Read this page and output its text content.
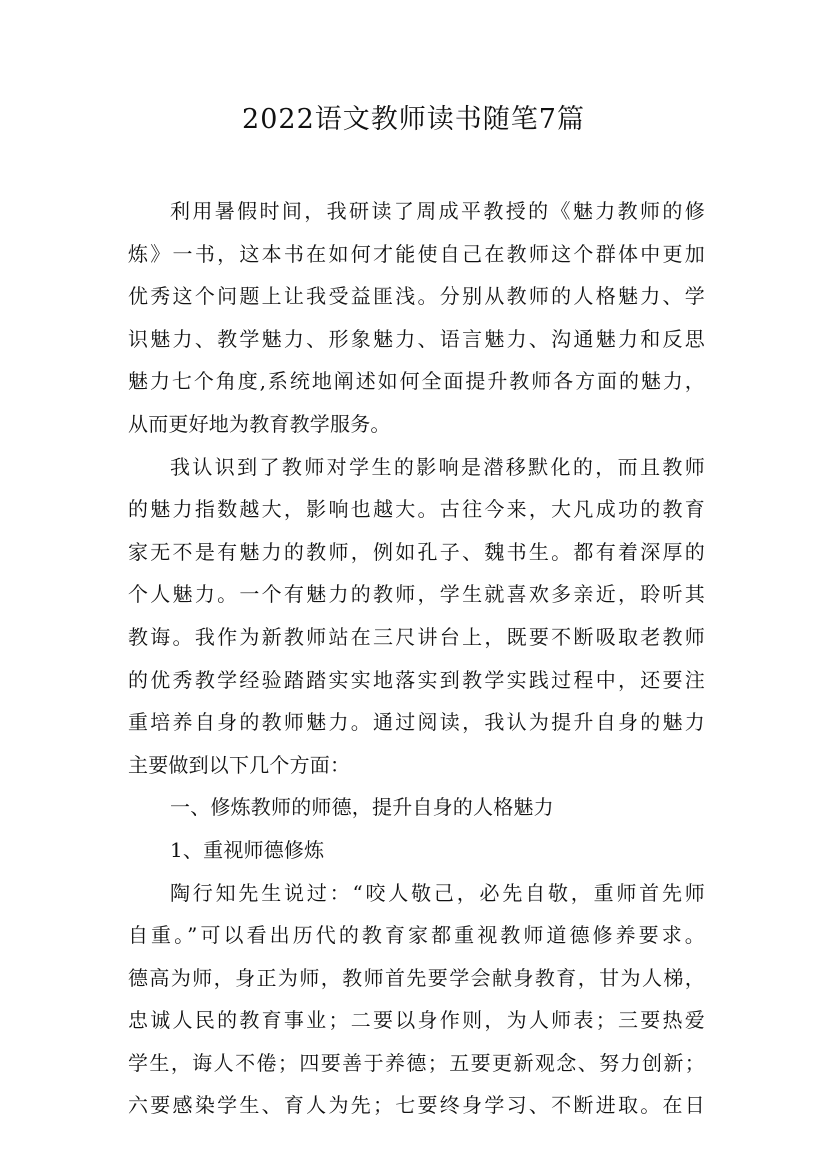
2022语文教师读书随笔7篇
利用暑假时间，我研读了周成平教授的《魅力教师的修
炼》一书，这本书在如何才能使自己在教师这个群体中更加
优秀这个问题上让我受益匪浅。分别从教师的人格魅力、学
识魅力、教学魅力、形象魅力、语言魅力、沟通魅力和反思
魅力七个角度,系统地阐述如何全面提升教师各方面的魅力，
从而更好地为教育教学服务。
我认识到了教师对学生的影响是潜移默化的，而且教师
的魅力指数越大，影响也越大。古往今来，大凡成功的教育
家无不是有魅力的教师，例如孔子、魏书生。都有着深厚的
个人魅力。一个有魅力的教师，学生就喜欢多亲近，聆听其
教诲。我作为新教师站在三尺讲台上，既要不断吸取老教师
的优秀教学经验踏踏实实地落实到教学实践过程中，还要注
重培养自身的教师魅力。通过阅读，我认为提升自身的魅力
主要做到以下几个方面：
一、修炼教师的师德，提升自身的人格魅力
1、重视师德修炼
陶行知先生说过：“咬人敬己，必先自敬，重师首先师
自重。”可以看出历代的教育家都重视教师道德修养要求。
德高为师，身正为师，教师首先要学会献身教育，甘为人梯，
忠诚人民的教育事业；二要以身作则，为人师表；三要热爱
学生，诲人不倦；四要善于养德；五要更新观念、努力创新；
六要感染学生、育人为先；七要终身学习、不断进取。在日
